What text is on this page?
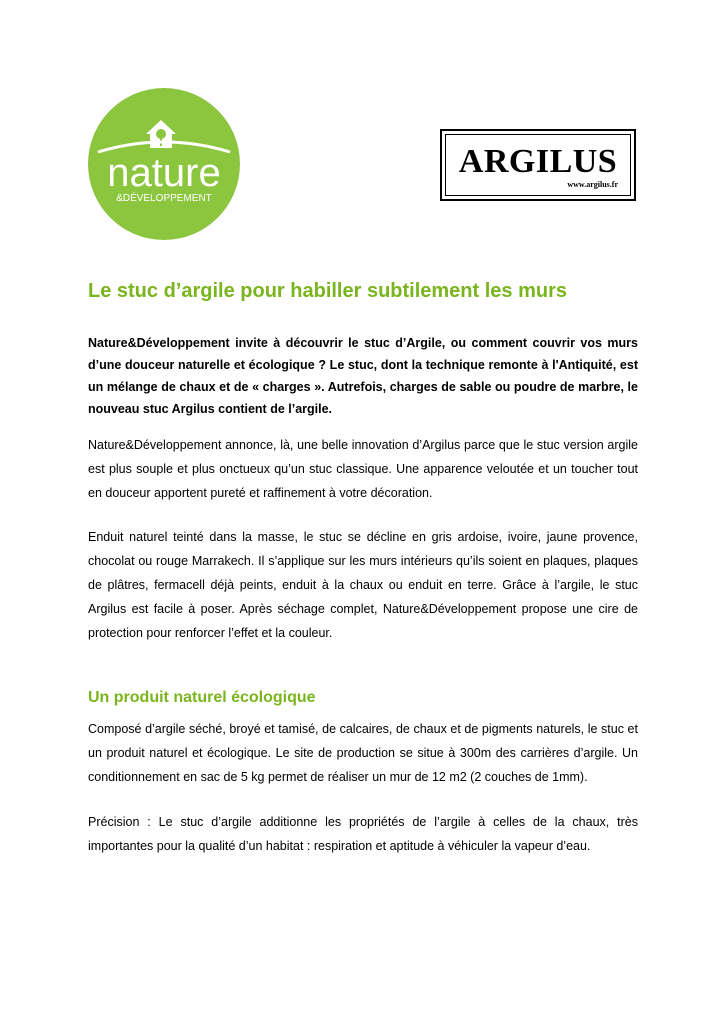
nature
&DÉVELOPPEMENT
ARGILUS
www.argilus.fr
Le stuc d’argile pour habiller subtilement les murs

Nature&Développement invite à découvrir le stuc d’Argile, ou comment couvrir vos murs d’une douceur naturelle et écologique ? Le stuc, dont la technique remonte à l'Antiquité, est un mélange de chaux et de « charges ». Autrefois, charges de sable ou poudre de marbre, le nouveau stuc Argilus contient de l’argile.

Nature&Développement annonce, là, une belle innovation d’Argilus parce que le stuc version argile est plus souple et plus onctueux qu’un stuc classique. Une apparence veloutée et un toucher tout en douceur apportent pureté et raffinement à votre décoration.

Enduit naturel teinté dans la masse, le stuc se décline en gris ardoise, ivoire, jaune provence, chocolat ou rouge Marrakech. Il s’applique sur les murs intérieurs qu’ils soient en plaques, plaques de plâtres, fermacell déjà peints, enduit à la chaux ou enduit en terre. Grâce à l’argile, le stuc Argilus est facile à poser. Après séchage complet, Nature&Développement propose une cire de protection pour renforcer l’effet et la couleur.

Un produit naturel écologique

Composé d’argile séché, broyé et tamisé, de calcaires, de chaux et de pigments naturels, le stuc et un produit naturel et écologique. Le site de production se situe à 300m des carrières d’argile. Un conditionnement en sac de 5 kg permet de réaliser un mur de 12 m2 (2 couches de 1mm).

Précision : Le stuc d’argile additionne les propriétés de l’argile à celles de la chaux, très importantes pour la qualité d’un habitat : respiration et aptitude à véhiculer la vapeur d’eau.
